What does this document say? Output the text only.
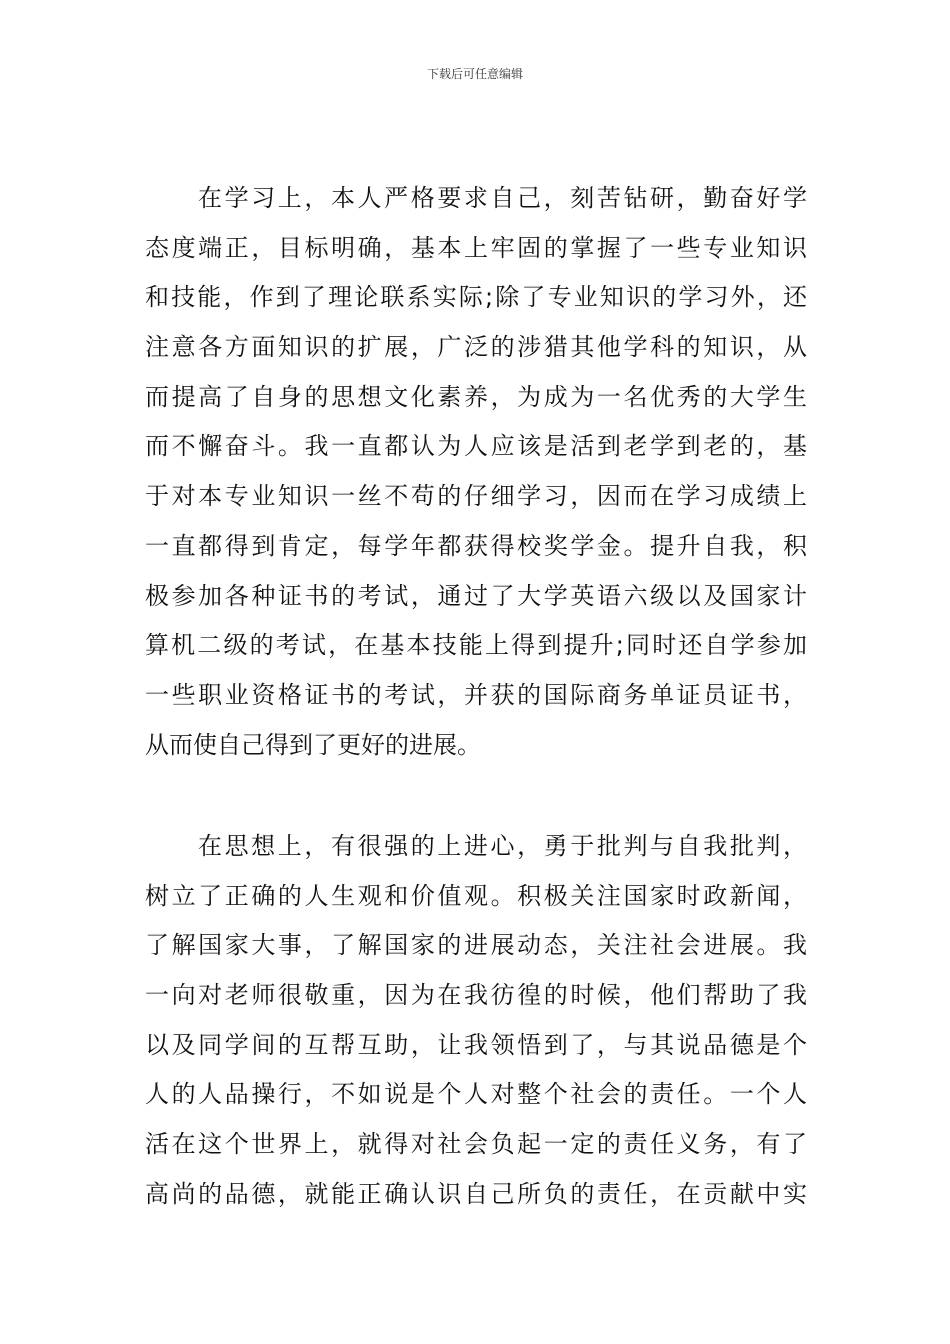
下载后可任意编辑
在学习上，本人严格要求自己，刻苦钻研，勤奋好学
态度端正，目标明确，基本上牢固的掌握了一些专业知识
和技能，作到了理论联系实际;除了专业知识的学习外，还
注意各方面知识的扩展，广泛的涉猎其他学科的知识，从
而提高了自身的思想文化素养，为成为一名优秀的大学生
而不懈奋斗。我一直都认为人应该是活到老学到老的，基
于对本专业知识一丝不苟的仔细学习，因而在学习成绩上
一直都得到肯定，每学年都获得校奖学金。提升自我，积
极参加各种证书的考试，通过了大学英语六级以及国家计
算机二级的考试，在基本技能上得到提升;同时还自学参加
一些职业资格证书的考试，并获的国际商务单证员证书，
从而使自己得到了更好的进展。
在思想上，有很强的上进心，勇于批判与自我批判，
树立了正确的人生观和价值观。积极关注国家时政新闻，
了解国家大事，了解国家的进展动态，关注社会进展。我
一向对老师很敬重，因为在我彷徨的时候，他们帮助了我
以及同学间的互帮互助，让我领悟到了，与其说品德是个
人的人品操行，不如说是个人对整个社会的责任。一个人
活在这个世界上，就得对社会负起一定的责任义务，有了
高尚的品德，就能正确认识自己所负的责任，在贡献中实
